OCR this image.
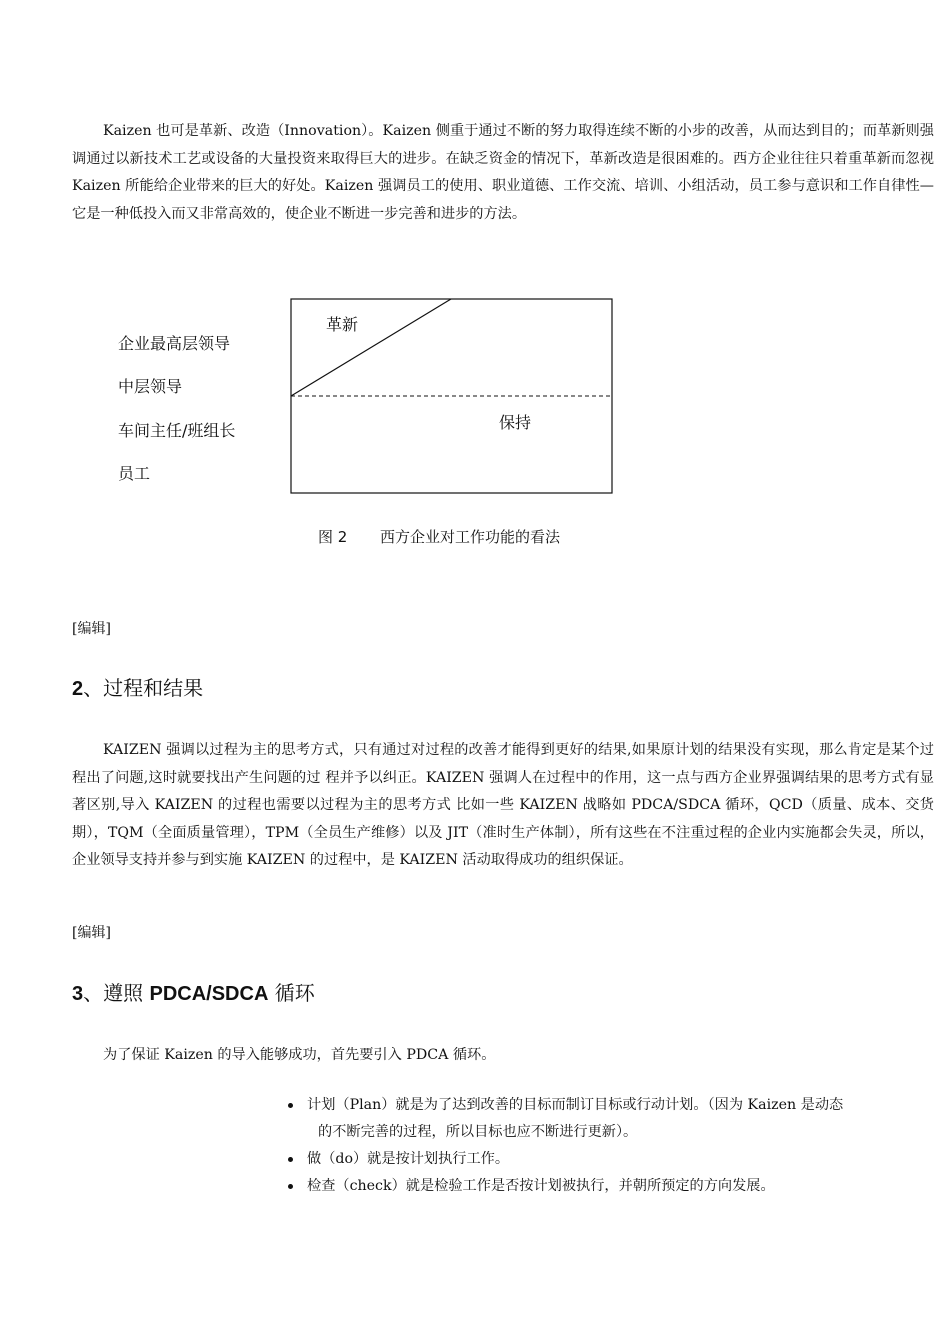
Kaizen 也可是革新、改造（Innovation）。Kaizen 侧重于通过不断的努力取得连续不断的小步的改善，从而达到目的；而革新则强调通过以新技术工艺或设备的大量投资来取得巨大的进步。在缺乏资金的情况下，革新改造是很困难的。西方企业往往只着重革新而忽视 Kaizen 所能给企业带来的巨大的好处。Kaizen 强调员工的使用、职业道德、工作交流、培训、小组活动，员工参与意识和工作自律性—它是一种低投入而又非常高效的，使企业不断进一步完善和进步的方法。

革新
保持
图 2 西方企业对工作功能的看法
企业最高层领导
中层领导
车间主任/班组长
员工

[编辑]

2、过程和结果

KAIZEN 强调以过程为主的思考方式，只有通过对过程的改善才能得到更好的结果,如果原计划的结果没有实现，那么肯定是某个过程出了问题,这时就要找出产生问题的过 程并予以纠正。KAIZEN 强调人在过程中的作用，这一点与西方企业界强调结果的思考方式有显著区别,导入 KAIZEN 的过程也需要以过程为主的思考方式 比如一些 KAIZEN 战略如 PDCA/SDCA 循环，QCD（质量、成本、交货期），TQM（全面质量管理），TPM（全员生产维修）以及 JIT（准时生产体制），所有这些在不注重过程的企业内实施都会失灵，所以，企业领导支持并参与到实施 KAIZEN 的过程中，是 KAIZEN 活动取得成功的组织保证。

[编辑]

3、遵照 PDCA/SDCA 循环

为了保证 Kaizen 的导入能够成功，首先要引入 PDCA 循环。

计划（Plan）就是为了达到改善的目标而制订目标或行动计划。（因为 Kaizen 是动态
的不断完善的过程，所以目标也应不断进行更新）。
做（do）就是按计划执行工作。
检查（check）就是检验工作是否按计划被执行，并朝所预定的方向发展。
